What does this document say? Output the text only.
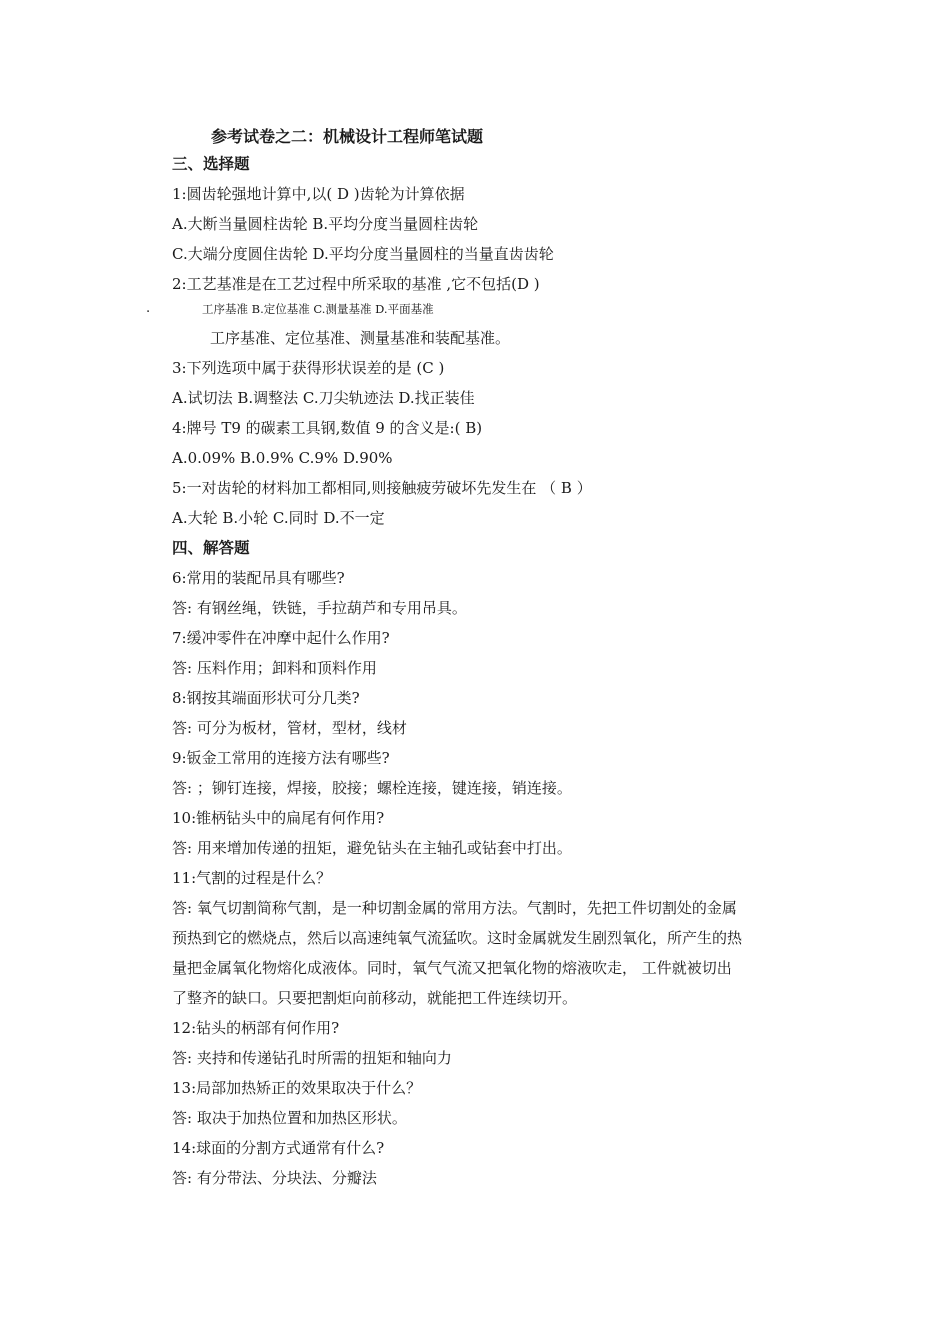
参考试卷之二：机械设计工程师笔试题
三、选择题
1:圆齿轮强地计算中,以( D )齿轮为计算依据
A.大断当量圆柱齿轮 B.平均分度当量圆柱齿轮
C.大端分度圆住齿轮 D.平均分度当量圆柱的当量直齿齿轮
2:工艺基准是在工艺过程中所采取的基准 ,它不包括(D )
.	工序基准 B.定位基准 C.测量基准 D.平面基准
工序基准、定位基准、测量基准和装配基准。
3:下列选项中属于获得形状误差的是 (C )
A.试切法 B.调整法 C.刀尖轨迹法 D.找正装佳
4:牌号 T9 的碳素工具钢,数值 9 的含义是:( B)
A.0.09% B.0.9% C.9% D.90%
5:一对齿轮的材料加工都相同,则接触疲劳破坏先发生在 （ B ）
A.大轮 B.小轮 C.同时 D.不一定
四、解答题
6:常用的装配吊具有哪些?
答: 有钢丝绳，铁链，手拉葫芦和专用吊具。
7:缓冲零件在冲摩中起什么作用?
答: 压料作用；卸料和顶料作用
8:钢按其端面形状可分几类?
答: 可分为板材，管材，型材，线材
9:钣金工常用的连接方法有哪些?
答: ；铆钉连接，焊接，胶接；螺栓连接，键连接，销连接。
10:锥柄钻头中的扁尾有何作用?
答: 用来增加传递的扭矩，避免钻头在主轴孔或钻套中打出。
11:气割的过程是什么？
答: 氧气切割简称气割，是一种切割金属的常用方法。气割时，先把工件切割处的金属
预热到它的燃烧点，然后以高速纯氧气流猛吹。这时金属就发生剧烈氧化，所产生的热
量把金属氧化物熔化成液体。同时，氧气气流又把氧化物的熔液吹走， 工件就被切出
了整齐的缺口。只要把割炬向前移动，就能把工件连续切开。
12:钻头的柄部有何作用?
答: 夹持和传递钻孔时所需的扭矩和轴向力
13:局部加热矫正的效果取决于什么？
答: 取决于加热位置和加热区形状。
14:球面的分割方式通常有什么?
答: 有分带法、分块法、分瓣法
